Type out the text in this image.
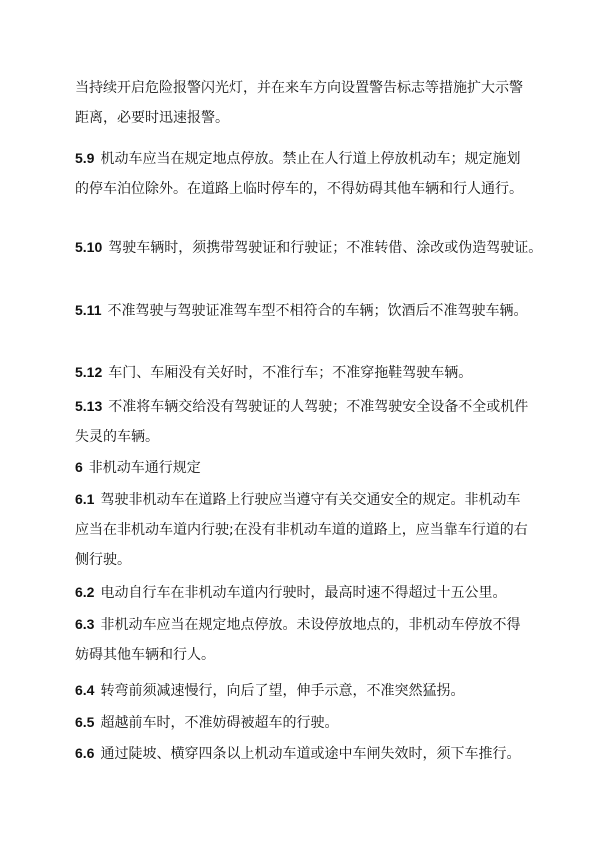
当持续开启危险报警闪光灯，并在来车方向设置警告标志等措施扩大示警
距离，必要时迅速报警。
5.9 机动车应当在规定地点停放。禁止在人行道上停放机动车；规定施划
的停车泊位除外。在道路上临时停车的，不得妨碍其他车辆和行人通行。
5.10 驾驶车辆时，须携带驾驶证和行驶证；不准转借、涂改或伪造驾驶证。
5.11 不准驾驶与驾驶证准驾车型不相符合的车辆；饮酒后不准驾驶车辆。
5.12 车门、车厢没有关好时，不准行车；不准穿拖鞋驾驶车辆。
5.13 不准将车辆交给没有驾驶证的人驾驶；不准驾驶安全设备不全或机件
失灵的车辆。
6 非机动车通行规定
6.1 驾驶非机动车在道路上行驶应当遵守有关交通安全的规定。非机动车
应当在非机动车道内行驶;在没有非机动车道的道路上，应当靠车行道的右
侧行驶。
6.2 电动自行车在非机动车道内行驶时，最高时速不得超过十五公里。
6.3 非机动车应当在规定地点停放。未设停放地点的，非机动车停放不得
妨碍其他车辆和行人。
6.4 转弯前须减速慢行，向后了望，伸手示意，不准突然猛拐。
6.5 超越前车时，不准妨碍被超车的行驶。
6.6 通过陡坡、横穿四条以上机动车道或途中车闸失效时，须下车推行。
